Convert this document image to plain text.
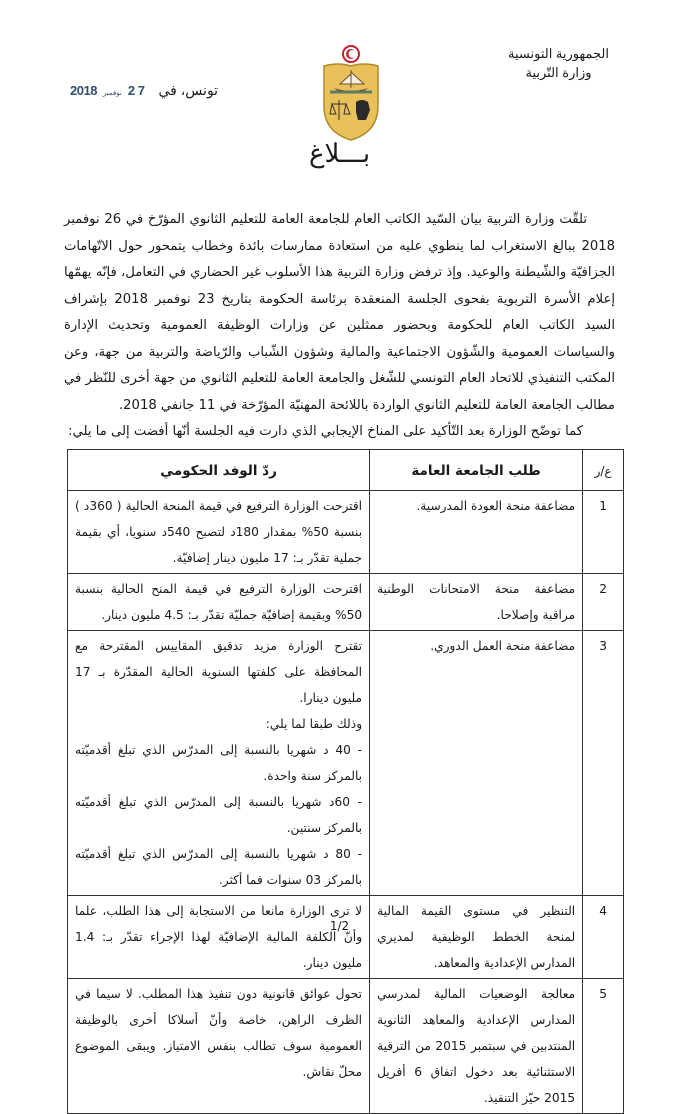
الجمهورية التونسية
وزارة التّربية
تونس، في
2018 نوفمبر 2 7
بـــلاغ

تلقّت وزارة التربية بيان السّيد الكاتب العام للجامعة العامة للتعليم الثانوي المؤرّخ في 26 نوفمبر 2018 ببالغ الاستغراب لما ينطوي عليه من استعادة ممارسات بائدة وخطاب يتمحور حول الاتّهامات الجزافيّة والشّيطنة والوعيد. وإذ ترفض وزارة التربية هذا الأسلوب غير الحضاري في التعامل، فإنّه يهمّها إعلام الأسرة التربوية بفحوى الجلسة المنعقدة برئاسة الحكومة بتاريخ 23 نوفمبر 2018 بإشراف السيد الكاتب العام للحكومة وبحضور ممثلين عن وزارات الوظيفة العمومية وتحديث الإدارة والسياسات العمومية والشّؤون الاجتماعية والمالية وشؤون الشّباب والرّياضة والتربية من جهة، وعن المكتب التنفيذي للاتحاد العام التونسي للشّغل والجامعة العامة للتعليم الثانوي من جهة أخرى للنّظر في مطالب الجامعة العامة للتعليم الثانوي الواردة باللائحة المهنيّة المؤرّخة في 11 جانفي 2018.

كما توضّح الوزارة بعد التّأكيد على المناخ الإيجابي الذي دارت فيه الجلسة أنّها أفضت إلى ما يلي:

ع/ر	طلب الجامعة العامة	ردّ الوفد الحكومي
1	مضاعفة منحة العودة المدرسية.	اقترحت الوزارة الترفيع في قيمة المنحة الحالية ( 360د ) بنسبة 50% بمقدار 180د لتصبح 540د سنويا، أي بقيمة جملية تقدّر بـ: 17 مليون دينار إضافيّة.
2	مضاعفة منحة الامتحانات الوطنية مراقبة وإصلاحا.	اقترحت الوزارة الترفيع في قيمة المنح الحالية بنسبة 50% وبقيمة إضافيّة جمليّة تقدّر بـ: 4.5 مليون دينار.
3	مضاعفة منحة العمل الدوري.	تقترح الوزارة مزيد تدقيق المقاييس المقترحة مع المحافظة على كلفتها السنوية الحالية المقدّرة بـ 17 مليون دينارا.
وذلك طبقا لما يلي:
- 40 د شهريا بالنسبة إلى المدرّس الذي تبلغ أقدميّته بالمركز سنة واحدة.
- 60د شهريا بالنسبة إلى المدرّس الذي تبلغ أقدميّته بالمركز سنتين.
- 80 د شهريا بالنسبة إلى المدرّس الذي تبلغ أقدميّته بالمركز 03 سنوات فما أكثر.

4	التنظير في مستوى القيمة المالية لمنحة الخطط الوظيفية لمديري المدارس الإعدادية والمعاهد.	لا ترى الوزارة مانعا من الاستجابة إلى هذا الطلب، علما وأنّ الكلفة المالية الإضافيّة لهذا الإجراء تقدّر بـ: 1.4 مليون دينار.
5	معالجة الوضعيات المالية لمدرسي المدارس الإعدادية والمعاهد الثانوية المنتدبين في سبتمبر 2015 من الترقية الاستثنائية بعد دخول اتفاق 6 أفريل 2015 حيّز التنفيذ.	تحول عوائق قانونية دون تنفيذ هذا المطلب. لا سيما في الظرف الراهن، خاصة وأنّ أسلاكا أخرى بالوظيفة العمومية سوف تطالب بنفس الامتياز. ويبقى الموضوع محلّ نقاش.
1/2
